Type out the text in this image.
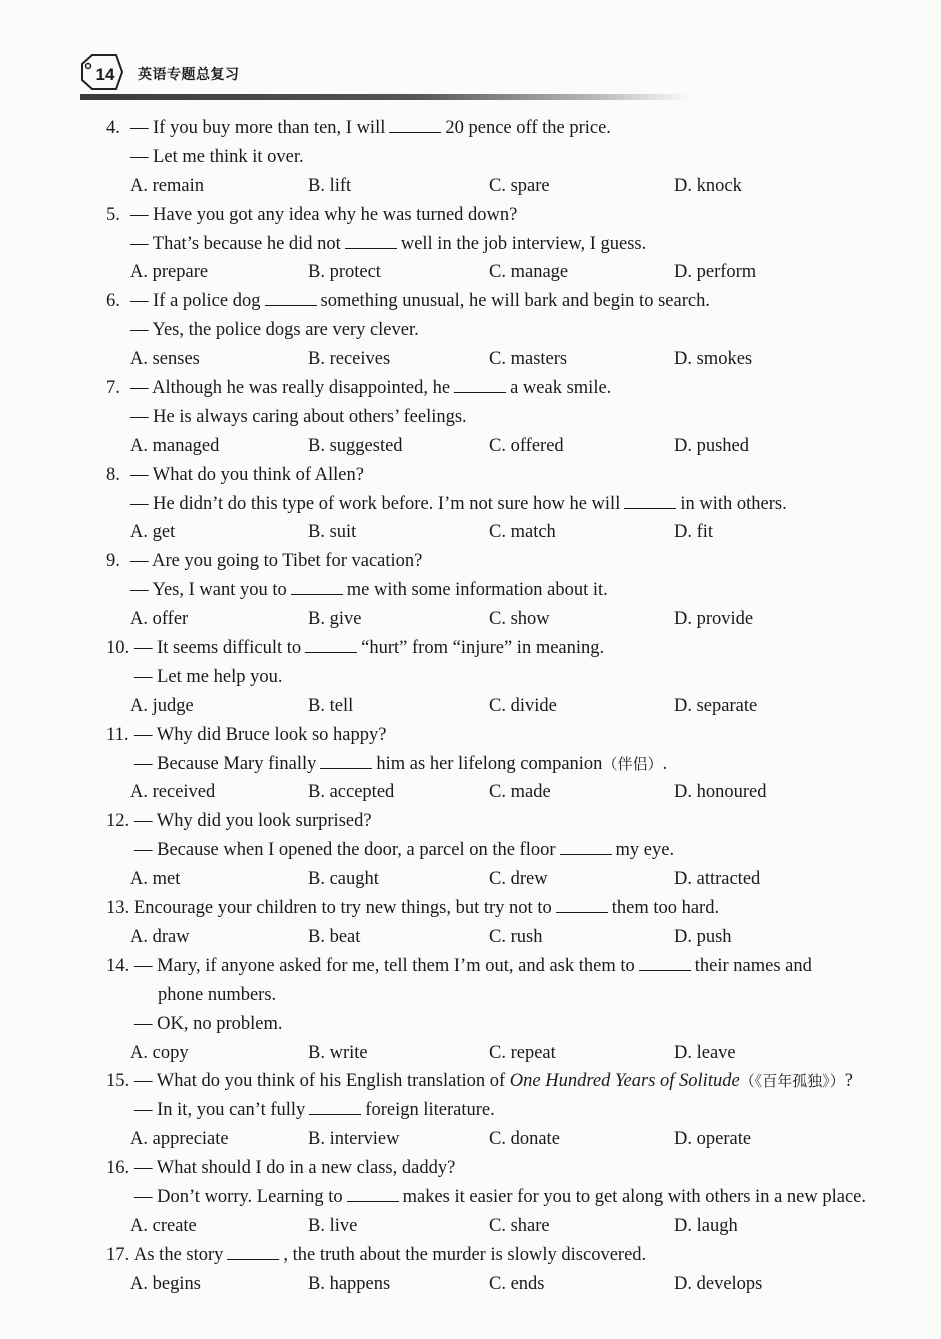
14	英语专题总复习
4. — If you buy more than ten, I will	20 pence off the price.
— Let me think it over.
A. remain	B. lift	C. spare	D. knock
5. — Have you got any idea why he was turned down?
— That’s because he did not	well in the job interview, I guess.
A. prepare	B. protect	C. manage	D. perform
6. — If a police dog	something unusual, he will bark and begin to search.
— Yes, the police dogs are very clever.
A. senses	B. receives	C. masters	D. smokes
7. — Although he was really disappointed, he	a weak smile.
— He is always caring about others’ feelings.
A. managed	B. suggested	C. offered	D. pushed
8. — What do you think of Allen?
— He didn’t do this type of work before. I’m not sure how he will	in with others.
A. get	B. suit	C. match	D. fit
9. — Are you going to Tibet for vacation?
— Yes, I want you to	me with some information about it.
A. offer	B. give	C. show	D. provide
10. — It seems difficult to	“hurt” from “injure” in meaning.
— Let me help you.
A. judge	B. tell	C. divide	D. separate
11. — Why did Bruce look so happy?
— Because Mary finally	him as her lifelong companion（伴侣）.
A. received	B. accepted	C. made	D. honoured
12. — Why did you look surprised?
— Because when I opened the door, a parcel on the floor	my eye.
A. met	B. caught	C. drew	D. attracted
13. Encourage your children to try new things, but try not to	them too hard.
A. draw	B. beat	C. rush	D. push
14. — Mary, if anyone asked for me, tell them I’m out, and ask them to	their names and
phone numbers.
— OK, no problem.
A. copy	B. write	C. repeat	D. leave
15. — What do you think of his English translation of One Hundred Years of Solitude（《百年孤独》）?
— In it, you can’t fully	foreign literature.
A. appreciate	B. interview	C. donate	D. operate
16. — What should I do in a new class, daddy?
— Don’t worry. Learning to	makes it easier for you to get along with others in a new place.
A. create	B. live	C. share	D. laugh
17. As the story	, the truth about the murder is slowly discovered.
A. begins	B. happens	C. ends	D. develops
